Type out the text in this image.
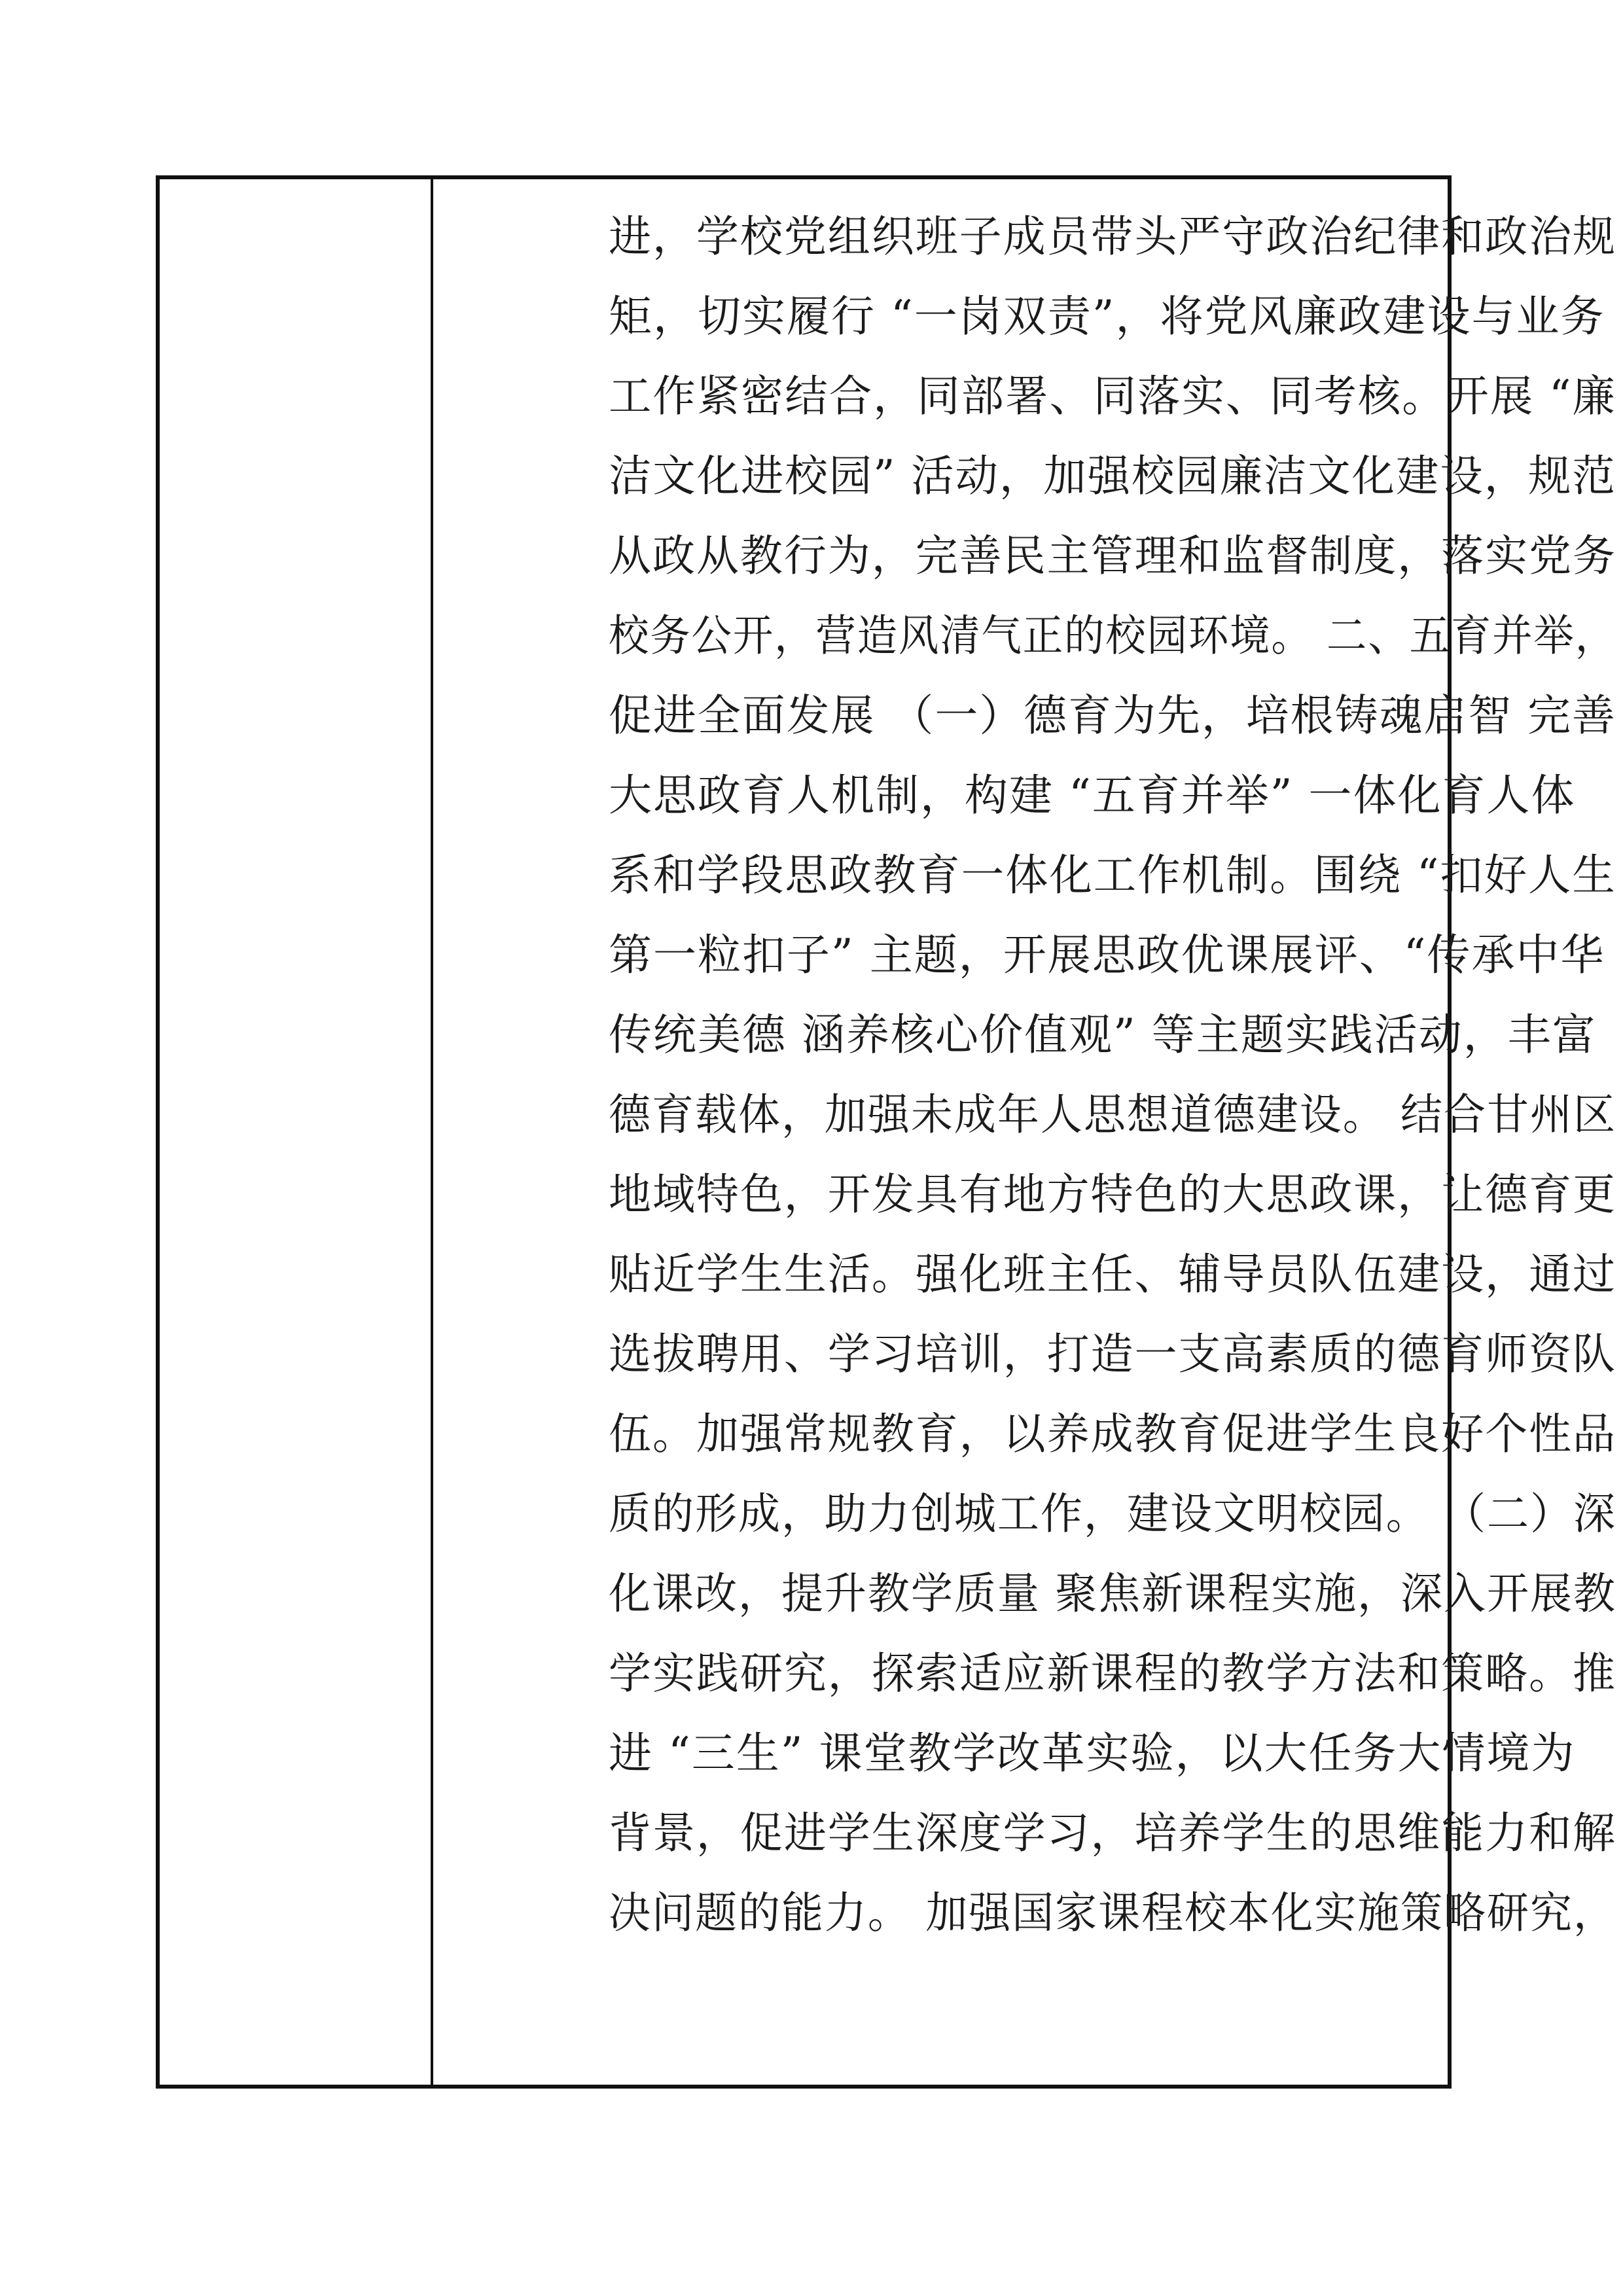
进，学校党组织班子成员带头严守政治纪律和政治规
矩，切实履行 “一岗双责”，将党风廉政建设与业务
工作紧密结合，同部署、同落实、同考核。开展 “廉
洁文化进校园” 活动，加强校园廉洁文化建设，规范
从政从教行为，完善民主管理和监督制度，落实党务
校务公开，营造风清气正的校园环境。 二、五育并举，
促进全面发展 （一）德育为先，培根铸魂启智 完善
大思政育人机制，构建 “五育并举” 一体化育人体
系和学段思政教育一体化工作机制。围绕 “扣好人生
第一粒扣子” 主题，开展思政优课展评、“传承中华
传统美德 涵养核心价值观” 等主题实践活动，丰富
德育载体，加强未成年人思想道德建设。 结合甘州区
地域特色，开发具有地方特色的大思政课，让德育更
贴近学生生活。强化班主任、辅导员队伍建设，通过
选拔聘用、学习培训，打造一支高素质的德育师资队
伍。加强常规教育，以养成教育促进学生良好个性品
质的形成，助力创城工作，建设文明校园。 （二）深
化课改，提升教学质量 聚焦新课程实施，深入开展教
学实践研究，探索适应新课程的教学方法和策略。推
进 “三生” 课堂教学改革实验，以大任务大情境为
背景，促进学生深度学习，培养学生的思维能力和解
决问题的能力。 加强国家课程校本化实施策略研究，
